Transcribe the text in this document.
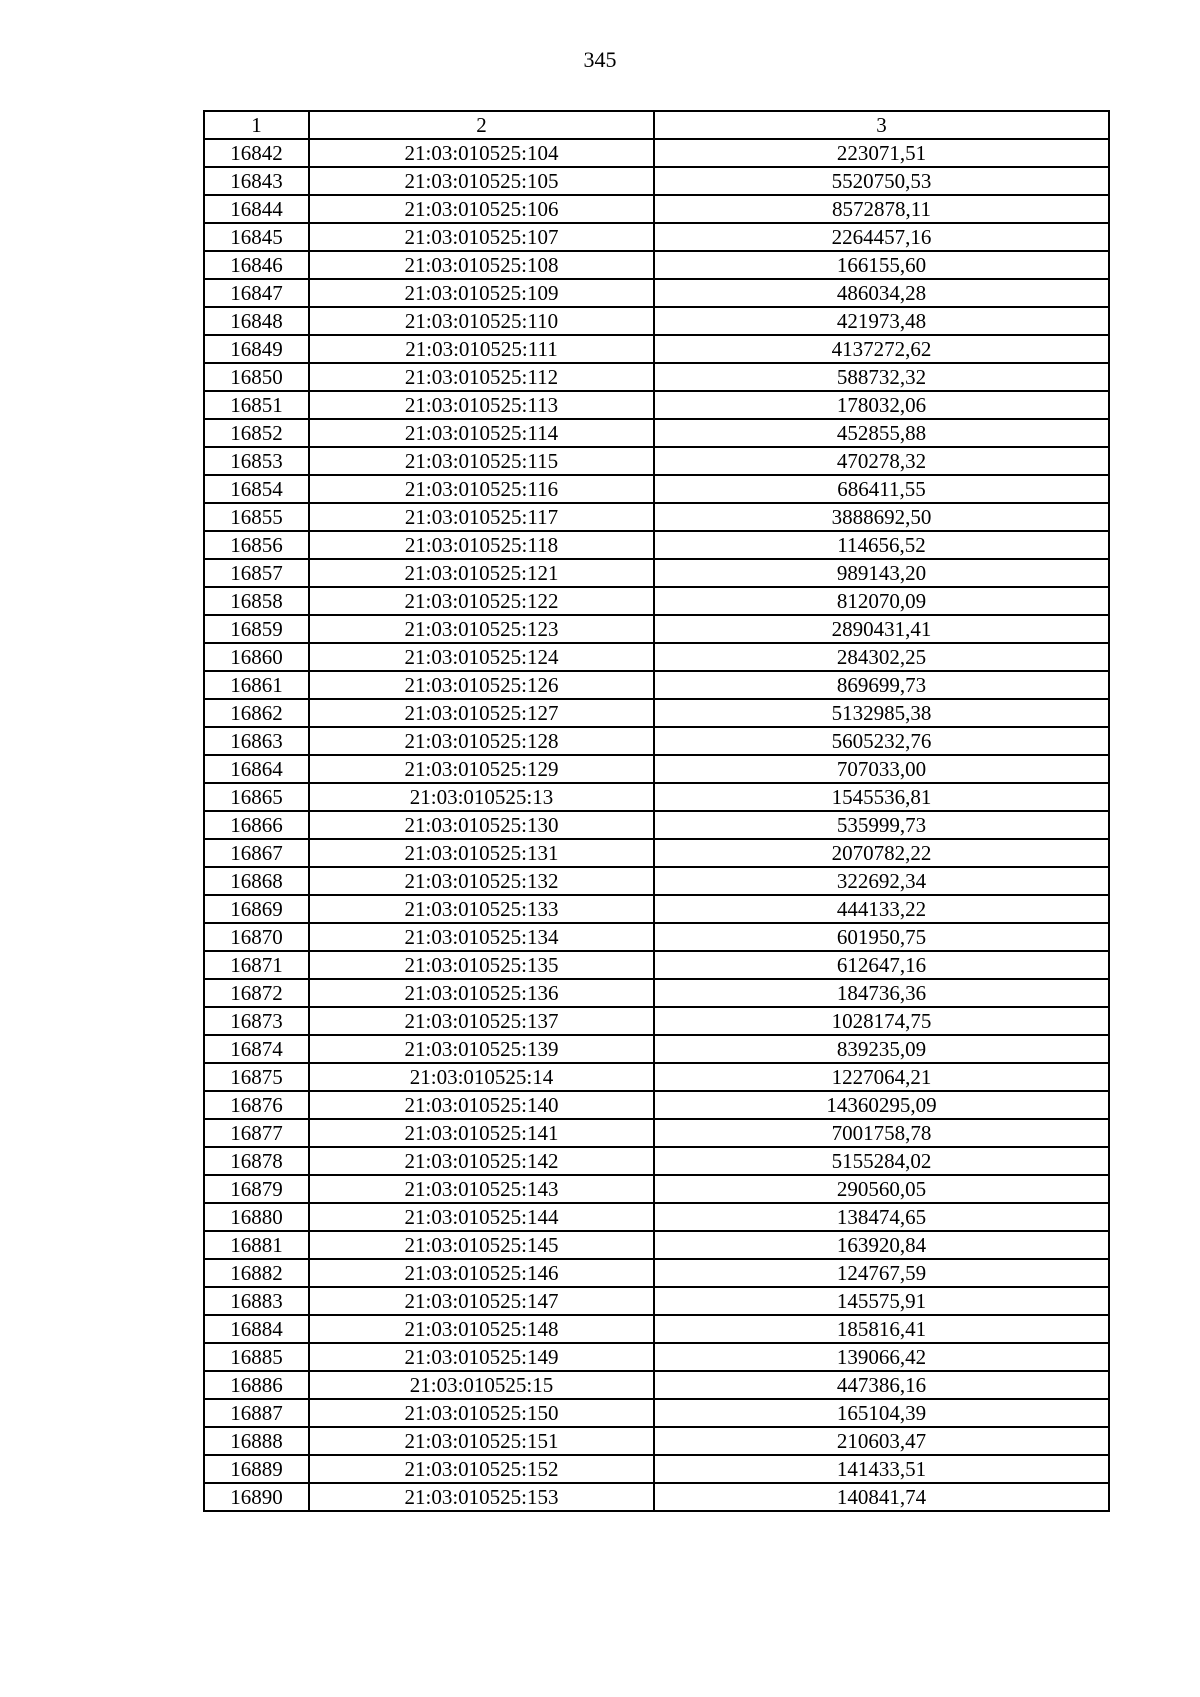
345
1	2	3
16842	21:03:010525:104	223071,51
16843	21:03:010525:105	5520750,53
16844	21:03:010525:106	8572878,11
16845	21:03:010525:107	2264457,16
16846	21:03:010525:108	166155,60
16847	21:03:010525:109	486034,28
16848	21:03:010525:110	421973,48
16849	21:03:010525:111	4137272,62
16850	21:03:010525:112	588732,32
16851	21:03:010525:113	178032,06
16852	21:03:010525:114	452855,88
16853	21:03:010525:115	470278,32
16854	21:03:010525:116	686411,55
16855	21:03:010525:117	3888692,50
16856	21:03:010525:118	114656,52
16857	21:03:010525:121	989143,20
16858	21:03:010525:122	812070,09
16859	21:03:010525:123	2890431,41
16860	21:03:010525:124	284302,25
16861	21:03:010525:126	869699,73
16862	21:03:010525:127	5132985,38
16863	21:03:010525:128	5605232,76
16864	21:03:010525:129	707033,00
16865	21:03:010525:13	1545536,81
16866	21:03:010525:130	535999,73
16867	21:03:010525:131	2070782,22
16868	21:03:010525:132	322692,34
16869	21:03:010525:133	444133,22
16870	21:03:010525:134	601950,75
16871	21:03:010525:135	612647,16
16872	21:03:010525:136	184736,36
16873	21:03:010525:137	1028174,75
16874	21:03:010525:139	839235,09
16875	21:03:010525:14	1227064,21
16876	21:03:010525:140	14360295,09
16877	21:03:010525:141	7001758,78
16878	21:03:010525:142	5155284,02
16879	21:03:010525:143	290560,05
16880	21:03:010525:144	138474,65
16881	21:03:010525:145	163920,84
16882	21:03:010525:146	124767,59
16883	21:03:010525:147	145575,91
16884	21:03:010525:148	185816,41
16885	21:03:010525:149	139066,42
16886	21:03:010525:15	447386,16
16887	21:03:010525:150	165104,39
16888	21:03:010525:151	210603,47
16889	21:03:010525:152	141433,51
16890	21:03:010525:153	140841,74
